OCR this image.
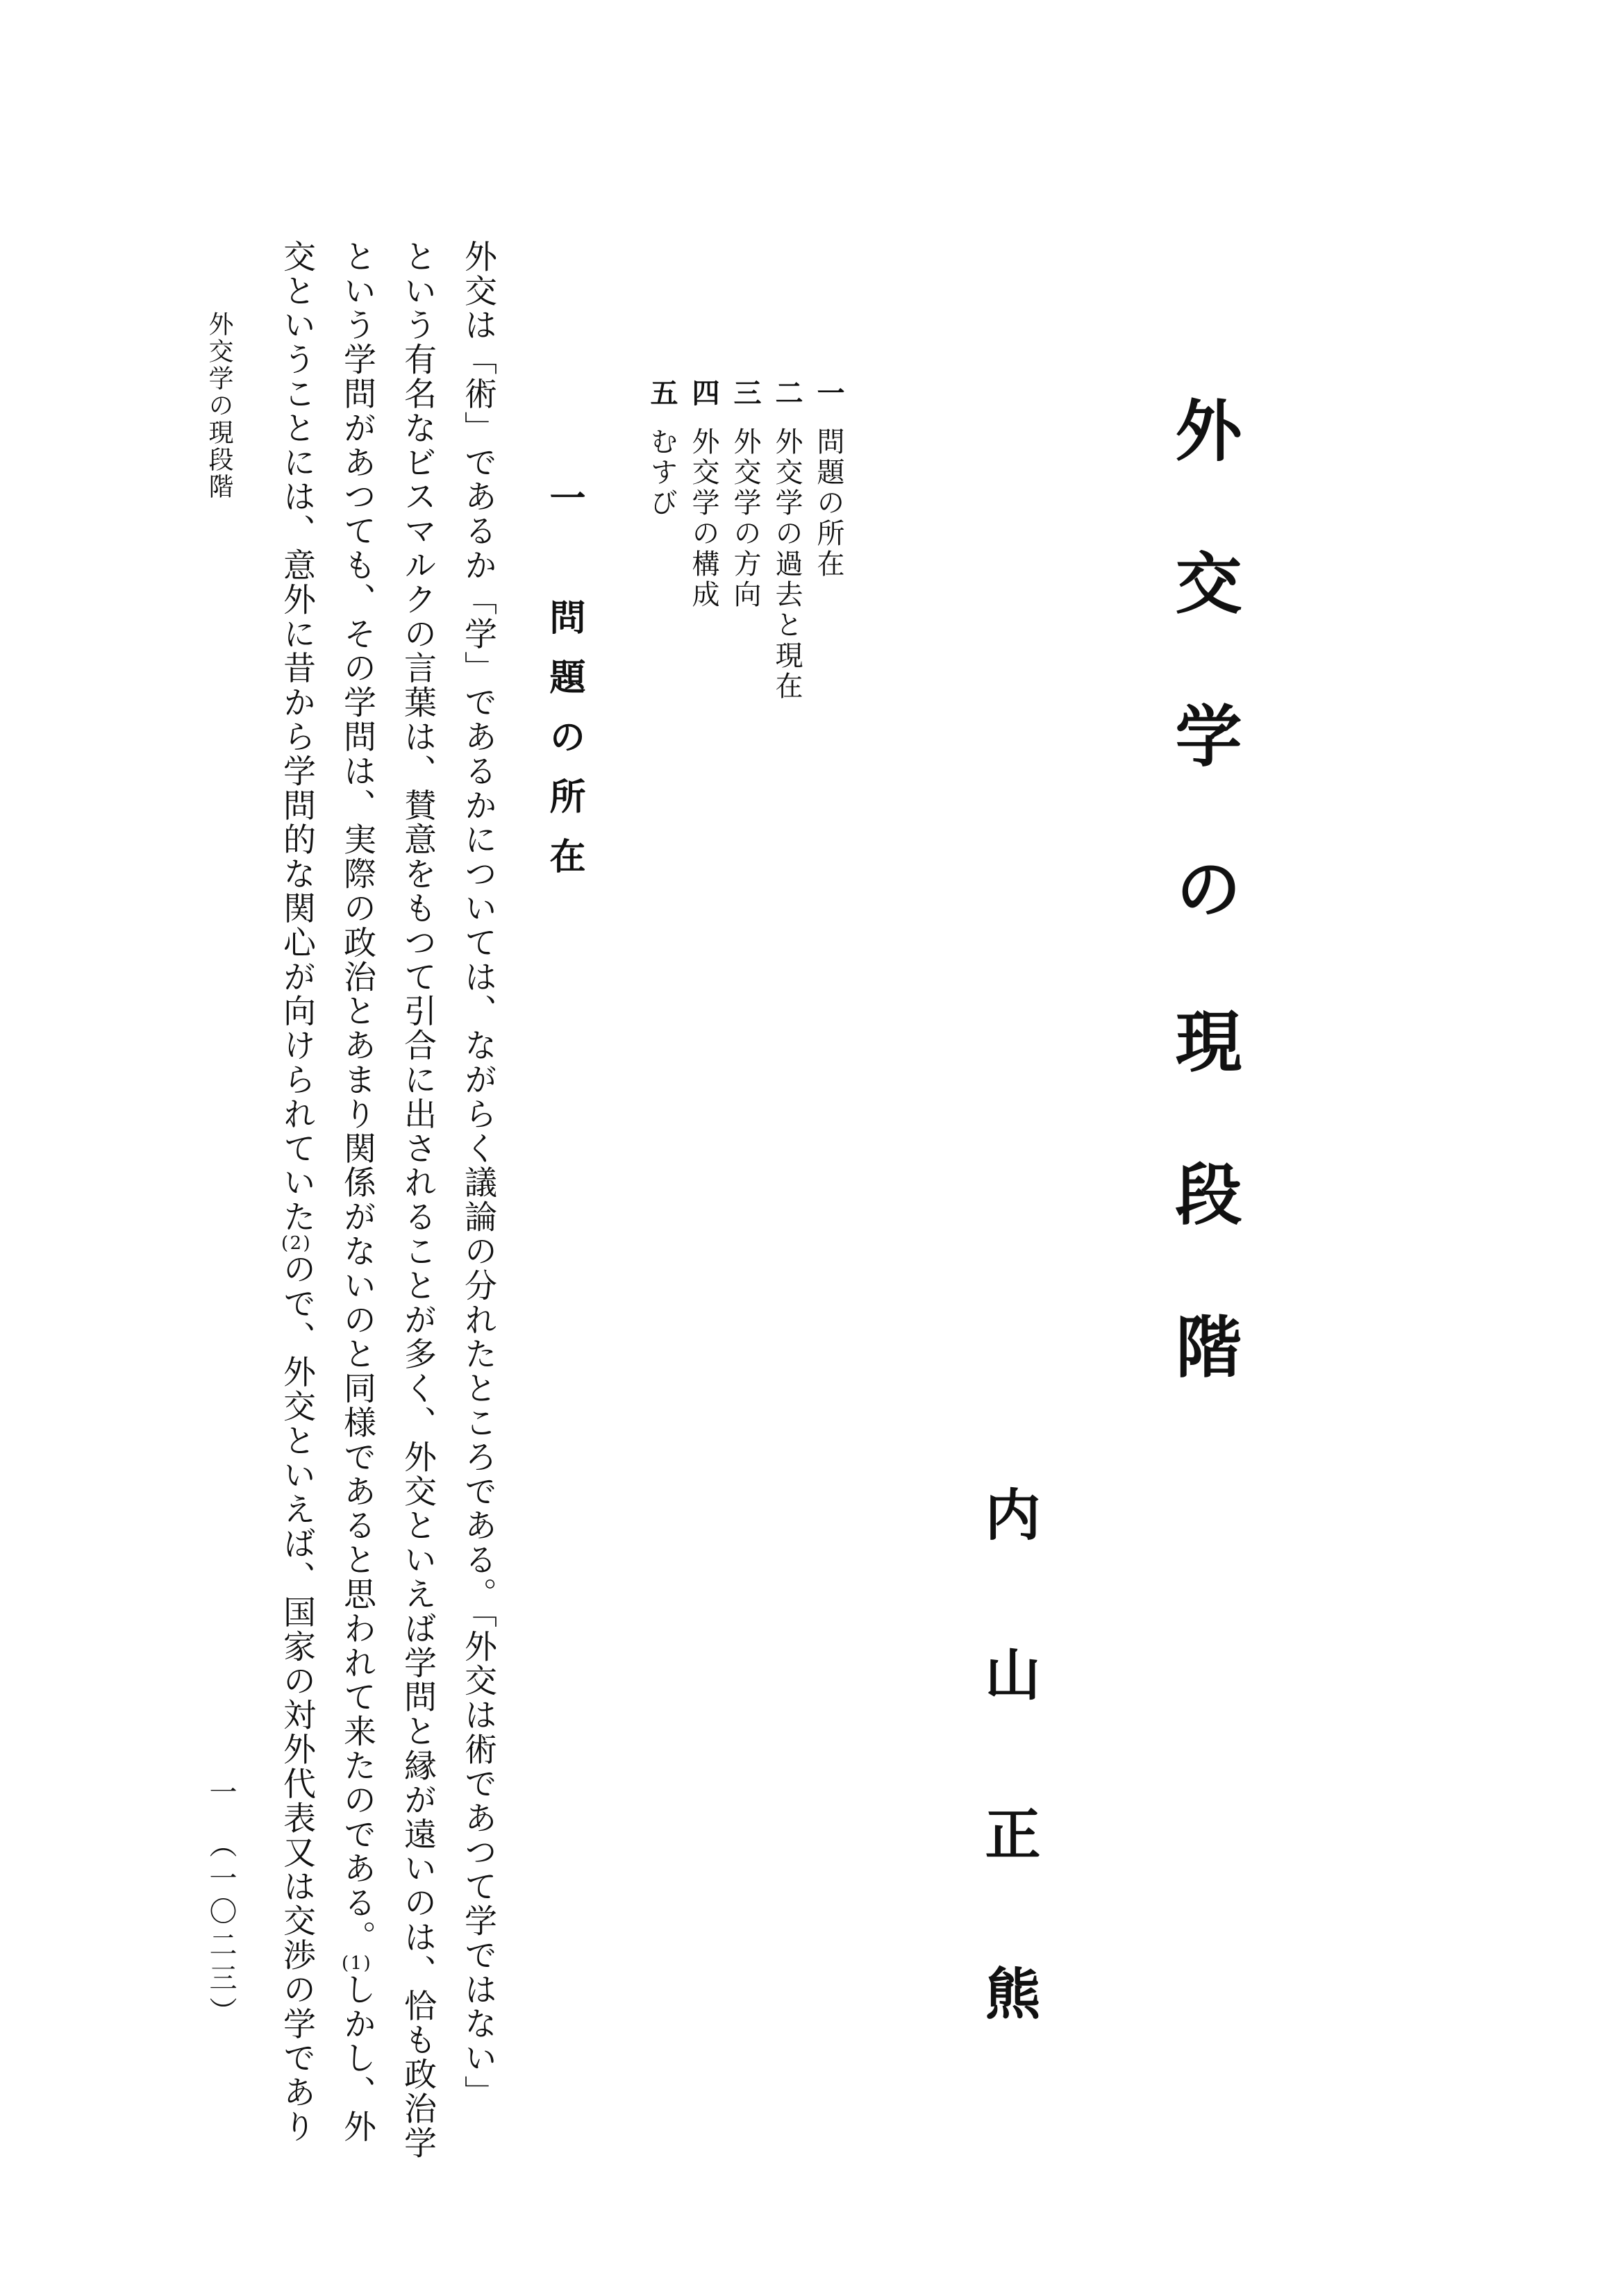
外交学の現段階
内山正熊
一問題の所在
二外交学の過去と現在
三外交学の方向
四外交学の構成
五むすび
一　問題の所在

外交は「術」であるか「学」であるかについては、ながらく議論の分れたところである。「外交は術であつて学ではない」

という有名なビスマルクの言葉は、賛意をもつて引合に出されることが多く、外交といえば学問と縁が遠いのは、恰も政治学

という学問があつても、その学問は、実際の政治とあまり関係がないのと同様であると思われて来たのである。(1)しかし、外

交ということには、意外に昔から学問的な関心が向けられていた(2)ので、外交といえば、国家の対外代表又は交渉の学であり

外交学の現段階
一　（一〇二三）
